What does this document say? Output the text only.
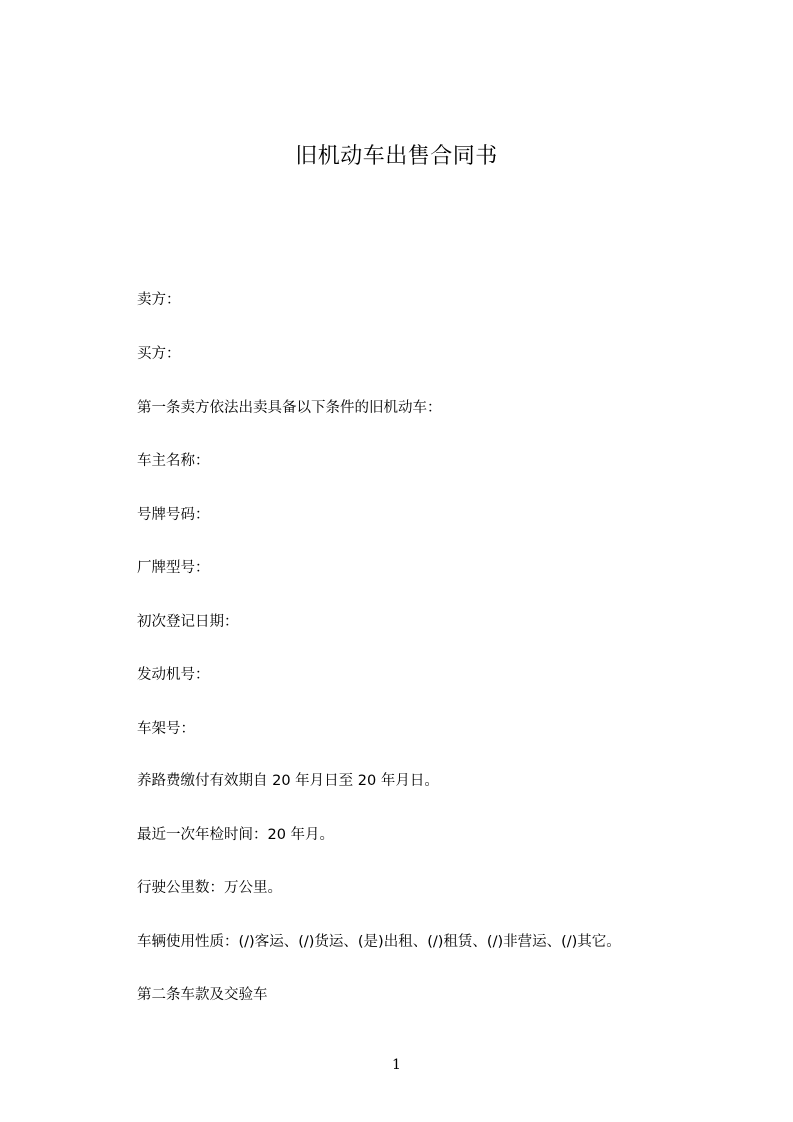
旧机动车出售合同书

卖方：

买方：

第一条卖方依法出卖具备以下条件的旧机动车：

车主名称：

号牌号码：

厂牌型号：

初次登记日期：

发动机号：

车架号：

养路费缴付有效期自 20 年月日至 20 年月日。

最近一次年检时间：20 年月。

行驶公里数：万公里。

车辆使用性质：(/)客运、(/)货运、(是)出租、(/)租赁、(/)非营运、(/)其它。

第二条车款及交验车

1
